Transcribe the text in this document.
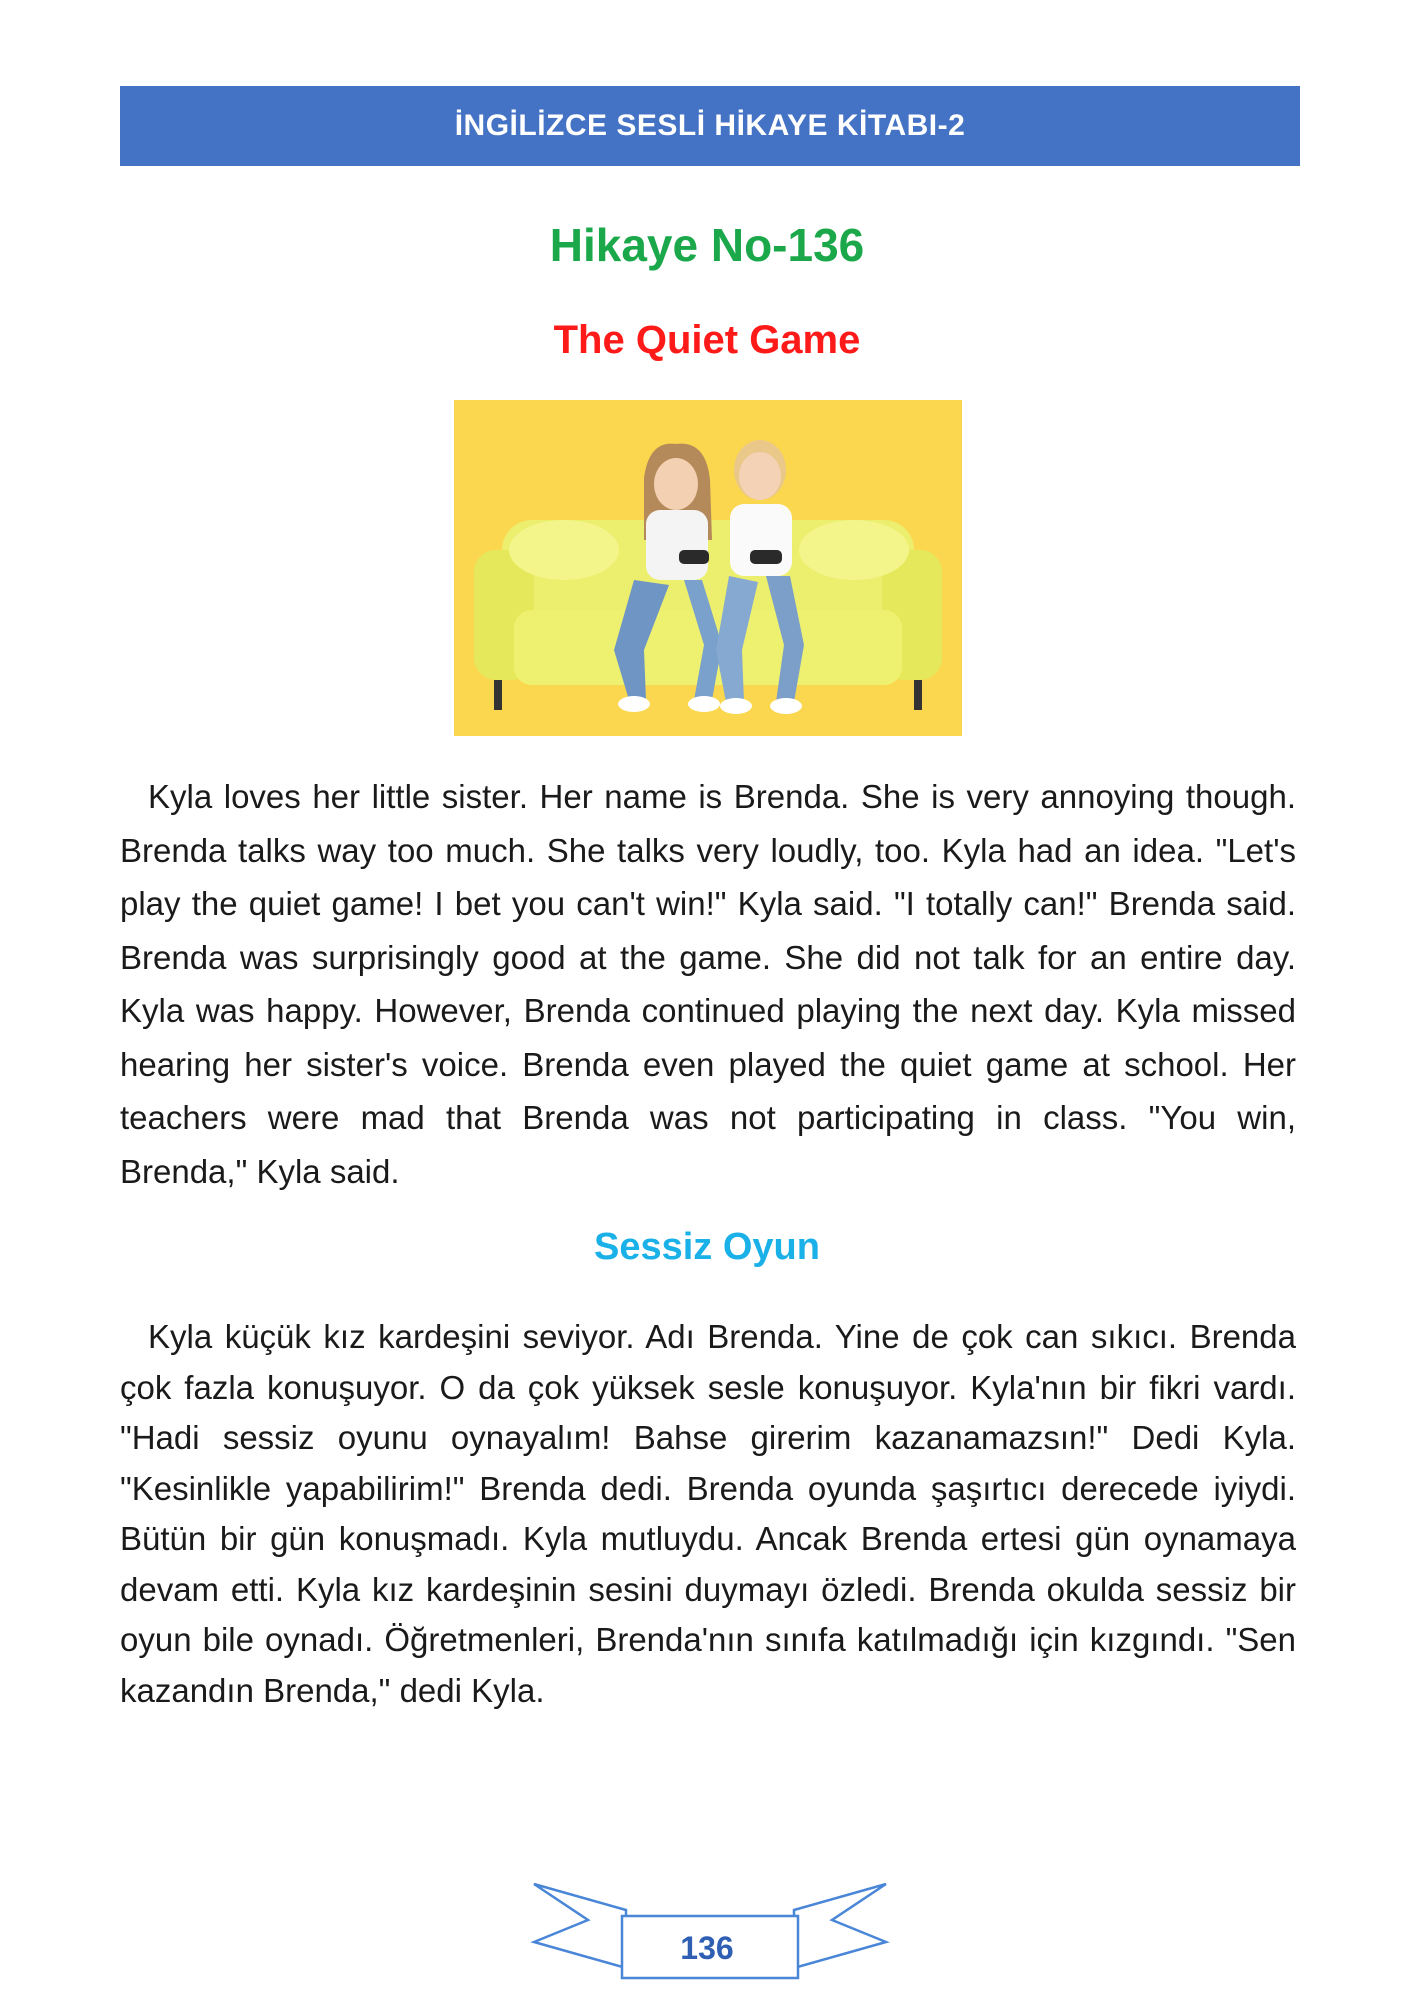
İNGİLİZCE SESLİ HİKAYE KİTABI-2
Hikaye No-136
The Quiet Game

Kyla loves her little sister. Her name is Brenda. She is very annoying though. Brenda talks way too much. She talks very loudly, too. Kyla had an idea. "Let's play the quiet game! I bet you can't win!" Kyla said. "I totally can!" Brenda said. Brenda was surprisingly good at the game. She did not talk for an entire day. Kyla was happy. However, Brenda continued playing the next day. Kyla missed hearing her sister's voice. Brenda even played the quiet game at school. Her teachers were mad that Brenda was not participating in class. "You win, Brenda," Kyla said.

Sessiz Oyun

Kyla küçük kız kardeşini seviyor. Adı Brenda. Yine de çok can sıkıcı. Brenda çok fazla konuşuyor. O da çok yüksek sesle konuşuyor. Kyla'nın bir fikri vardı. "Hadi sessiz oyunu oynayalım! Bahse girerim kazanamazsın!" Dedi Kyla. "Kesinlikle yapabilirim!" Brenda dedi. Brenda oyunda şaşırtıcı derecede iyiydi. Bütün bir gün konuşmadı. Kyla mutluydu. Ancak Brenda ertesi gün oynamaya devam etti. Kyla kız kardeşinin sesini duymayı özledi. Brenda okulda sessiz bir oyun bile oynadı. Öğretmenleri, Brenda'nın sınıfa katılmadığı için kızgındı. "Sen kazandın Brenda," dedi Kyla.

136
